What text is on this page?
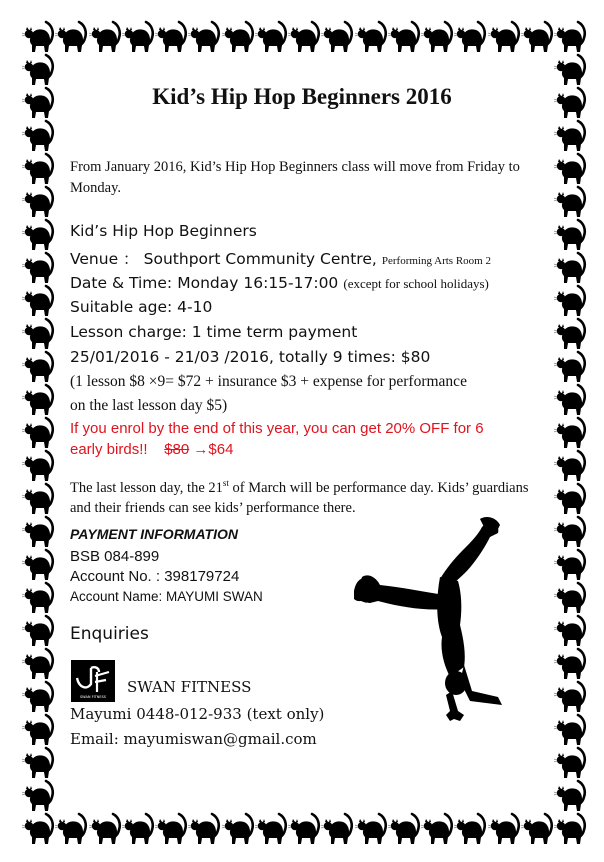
Kid’s Hip Hop Beginners 2016
From January 2016, Kid’s Hip Hop Beginners class will move from Friday to Monday.
Kid’s Hip Hop Beginners
Venue ： Southport Community Centre, Performing Arts Room 2
Date & Time: Monday 16:15-17:00 (except for school holidays)
Suitable age: 4-10
Lesson charge: 1 time term payment
25/01/2016 - 21/03 /2016, totally 9 times: $80
(1 lesson $8 ×9= $72 + insurance $3 + expense for performance
on the last lesson day $5)
If you enrol by the end of this year, you can get 20% OFF for 6
early birds!! $80 →$64
The last lesson day, the 21st of March will be performance day. Kids’ guardians and their friends can see kids’ performance there.
PAYMENT INFORMATION
BSB 084-899
Account No. : 398179724
Account Name: MAYUMI SWAN
Enquiries
SWAN FITNESS
SWAN FITNESS
Mayumi 0448-012-933 (text only)
Email: mayumiswan@gmail.com
